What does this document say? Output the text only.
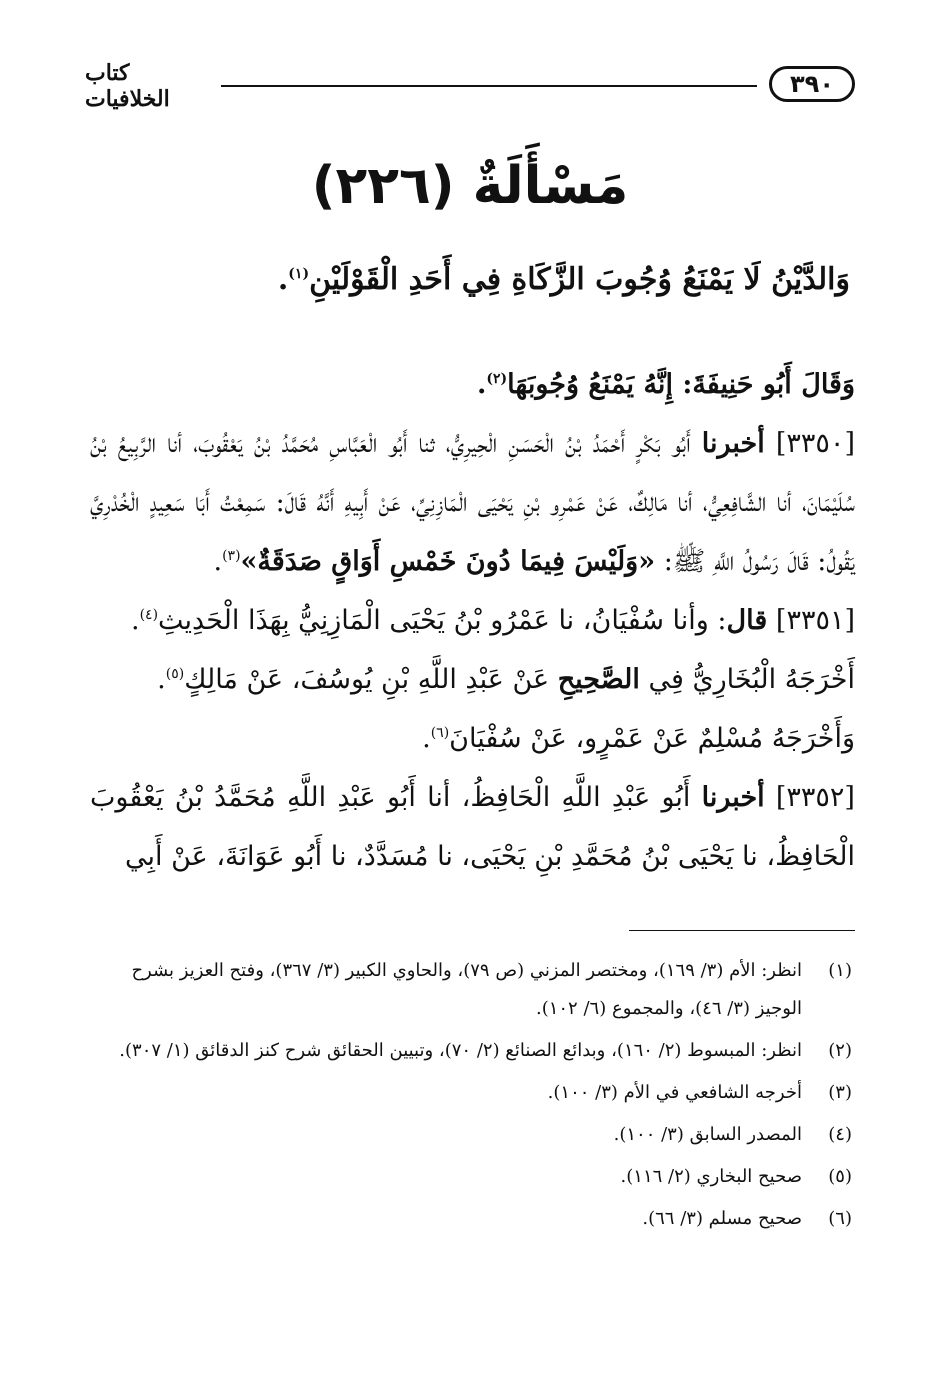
٣٩٠
كتاب الخلافيات
مَسْأَلَةٌ (٢٢٦)
وَالدَّيْنُ لَا يَمْنَعُ وُجُوبَ الزَّكَاةِ فِي أَحَدِ الْقَوْلَيْنِ$^{(١)}$.

وَقَالَ أَبُو حَنِيفَةَ: إِنَّهُ يَمْنَعُ وُجُوبَهَا$^{(٢)}$.

[٣٣٥٠] أخبرنا أَبُو بَكْرٍ أَحْمَدُ بْنُ الْحَسَنِ الْحِيرِيُّ، ثنا أَبُو الْعَبَّاسِ مُحَمَّدُ بْنُ يَعْقُوبَ، أنا الرَّبِيعُ بْنُ سُلَيْمَانَ، أنا الشَّافِعِيُّ، أنا مَالِكٌ، عَنْ عَمْرِو بْنِ يَحْيَى الْمَازِنِيِّ، عَنْ أَبِيهِ أَنَّهُ قَالَ: سَمِعْتُ أَبَا سَعِيدٍ الْخُدْرِيَّ يَقُولُ: قَالَ رَسُولُ اللَّهِ ﷺ: «وَلَيْسَ فِيمَا دُونَ خَمْسِ أَوَاقٍ صَدَقَةٌ»$^{(٣)}$.

[٣٣٥١] قال: وأنا سُفْيَانُ، نا عَمْرُو بْنُ يَحْيَى الْمَازِنِيُّ بِهَذَا الْحَدِيثِ$^{(٤)}$.

أَخْرَجَهُ الْبُخَارِيُّ فِي الصَّحِيحِ عَنْ عَبْدِ اللَّهِ بْنِ يُوسُفَ، عَنْ مَالِكٍ$^{(٥)}$.

وَأَخْرَجَهُ مُسْلِمٌ عَنْ عَمْرٍو، عَنْ سُفْيَانَ$^{(٦)}$.

[٣٣٥٢] أخبرنا أَبُو عَبْدِ اللَّهِ الْحَافِظُ، أنا أَبُو عَبْدِ اللَّهِ مُحَمَّدُ بْنُ يَعْقُوبَ الْحَافِظُ، نا يَحْيَى بْنُ مُحَمَّدِ بْنِ يَحْيَى، نا مُسَدَّدٌ، نا أَبُو عَوَانَةَ، عَنْ أَبِي

(١)
انظر: الأم (٣/ ١٦٩)، ومختصر المزني (ص ٧٩)، والحاوي الكبير (٣/ ٣٦٧)، وفتح العزيز بشرح الوجيز (٣/ ٤٦)، والمجموع (٦/ ١٠٢).
(٢)
انظر: المبسوط (٢/ ١٦٠)، وبدائع الصنائع (٢/ ٧٠)، وتبيين الحقائق شرح كنز الدقائق (١/ ٣٠٧).
(٣)
أخرجه الشافعي في الأم (٣/ ١٠٠).
(٤)
المصدر السابق (٣/ ١٠٠).
(٥)
صحيح البخاري (٢/ ١١٦).
(٦)
صحيح مسلم (٣/ ٦٦).
